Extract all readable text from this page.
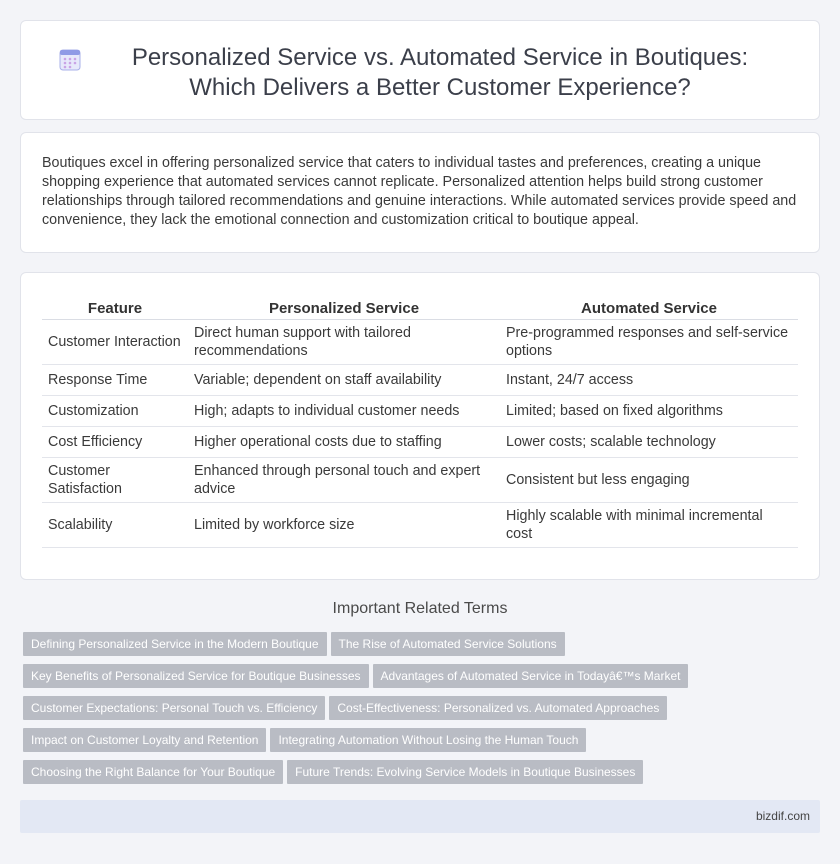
Personalized Service vs. Automated Service in Boutiques: Which Delivers a Better Customer Experience?

Boutiques excel in offering personalized service that caters to individual tastes and preferences, creating a unique shopping experience that automated services cannot replicate. Personalized attention helps build strong customer relationships through tailored recommendations and genuine interactions. While automated services provide speed and convenience, they lack the emotional connection and customization critical to boutique appeal.

Feature	Personalized Service	Automated Service
Customer Interaction	Direct human support with tailored recommendations	Pre-programmed responses and self-service options
Response Time	Variable; dependent on staff availability	Instant, 24/7 access
Customization	High; adapts to individual customer needs	Limited; based on fixed algorithms
Cost Efficiency	Higher operational costs due to staffing	Lower costs; scalable technology
Customer Satisfaction	Enhanced through personal touch and expert advice	Consistent but less engaging
Scalability	Limited by workforce size	Highly scalable with minimal incremental cost
Important Related Terms
Defining Personalized Service in the Modern Boutique The Rise of Automated Service Solutions
Key Benefits of Personalized Service for Boutique Businesses Advantages of Automated Service in Todayâ€™s Market
Customer Expectations: Personal Touch vs. Efficiency Cost-Effectiveness: Personalized vs. Automated Approaches
Impact on Customer Loyalty and Retention Integrating Automation Without Losing the Human Touch
Choosing the Right Balance for Your Boutique Future Trends: Evolving Service Models in Boutique Businesses
bizdif.com
